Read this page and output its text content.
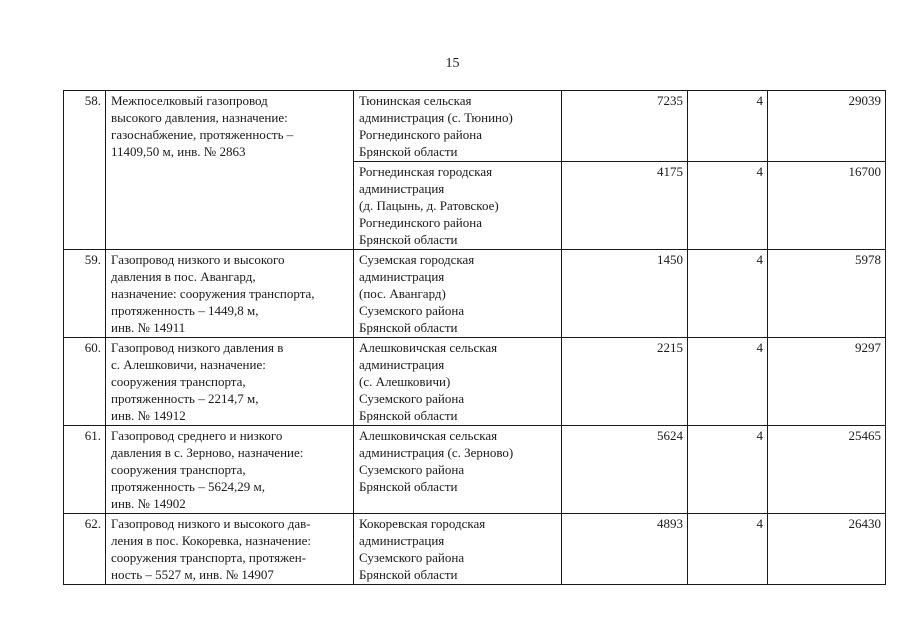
15
58.	Межпоселковый газопровод
высокого давления, назначение:
газоснабжение, протяженность –
11409,50 м, инв. № 2863	Тюнинская сельская
администрация (с. Тюнино)
Рогнединского района
Брянской области	7235	4	29039

		Рогнединская городская
администрация
(д. Пацынь, д. Ратовское)
Рогнединского района
Брянской области	4175	4	16700
59.	Газопровод низкого и высокого
давления в пос. Авангард,
назначение: сооружения транспорта,
протяженность – 1449,8 м,
инв. № 14911	Суземская городская
администрация
(пос. Авангард)
Суземского района
Брянской области	1450	4	5978
60.	Газопровод низкого давления в
с. Алешковичи, назначение:
сооружения транспорта,
протяженность – 2214,7 м,
инв. № 14912	Алешковичская сельская
администрация
(с. Алешковичи)
Суземского района
Брянской области	2215	4	9297
61.	Газопровод среднего и низкого
давления в с. Зерново, назначение:
сооружения транспорта,
протяженность – 5624,29 м,
инв. № 14902	Алешковичская сельская
администрация (с. Зерново)
Суземского района
Брянской области	5624	4	25465
62.	Газопровод низкого и высокого дав-
ления в пос. Кокоревка, назначение:
сооружения транспорта, протяжен-
ность – 5527 м, инв. № 14907	Кокоревская городская
администрация
Суземского района
Брянской области	4893	4	26430
